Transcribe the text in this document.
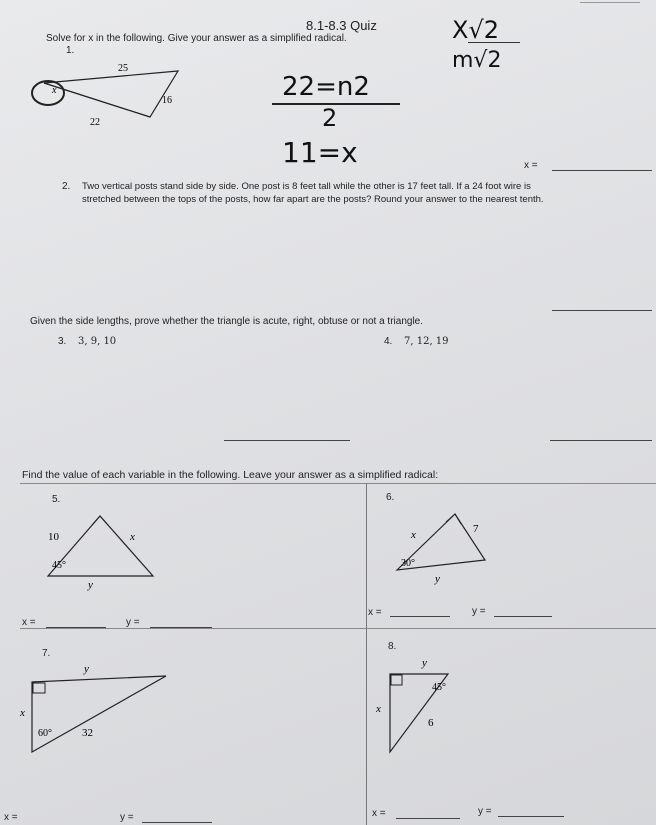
8.1-8.3 Quiz
Solve for x in the following. Give your answer as a simplified radical.	X√2
m√2
1.
x
25
16
22
22=n2
2
11=x	x =
2. Two vertical posts stand side by side. One post is 8 feet tall while the other is 17 feet tall. If a 24 foot wire is
stretched between the tops of the posts, how far apart are the posts? Round your answer to the nearest tenth.
Given the side lengths, prove whether the triangle is acute, right, obtuse or not a triangle.
3. 3, 9, 10	4. 7, 12, 19
Find the value of each variable in the following. Leave your answer as a simplified radical:
5.
10	x
45°
y
x =	y =
6.
x	7
30°
y
x =	y =
7.
y
x
60°	32
x =	y =
8.
y
45°
x
6
x =	y =
